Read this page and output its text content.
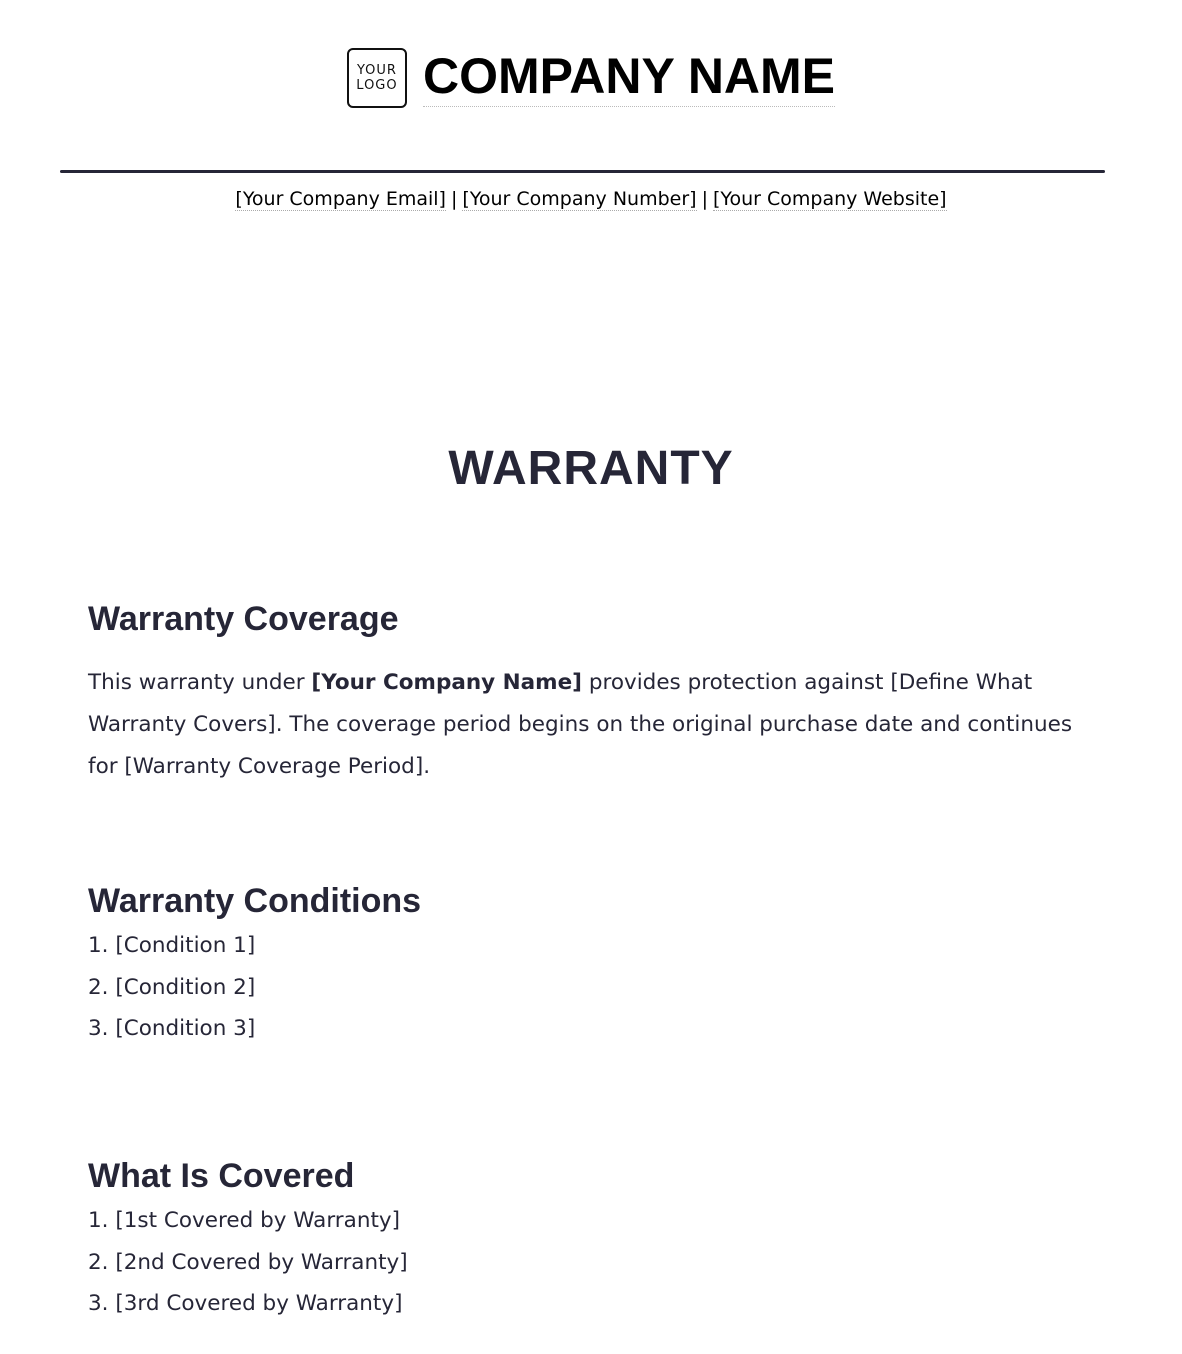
YOUR
LOGO COMPANY NAME
[Your Company Email] | [Your Company Number] | [Your Company Website]
WARRANTY
Warranty Coverage

This warranty under [Your Company Name] provides protection against [Define What Warranty Covers]. The coverage period begins on the original purchase date and continues for [Warranty Coverage Period].

Warranty Conditions
1. [Condition 1]
2. [Condition 2]
3. [Condition 3]
What Is Covered
1. [1st Covered by Warranty]
2. [2nd Covered by Warranty]
3. [3rd Covered by Warranty]
